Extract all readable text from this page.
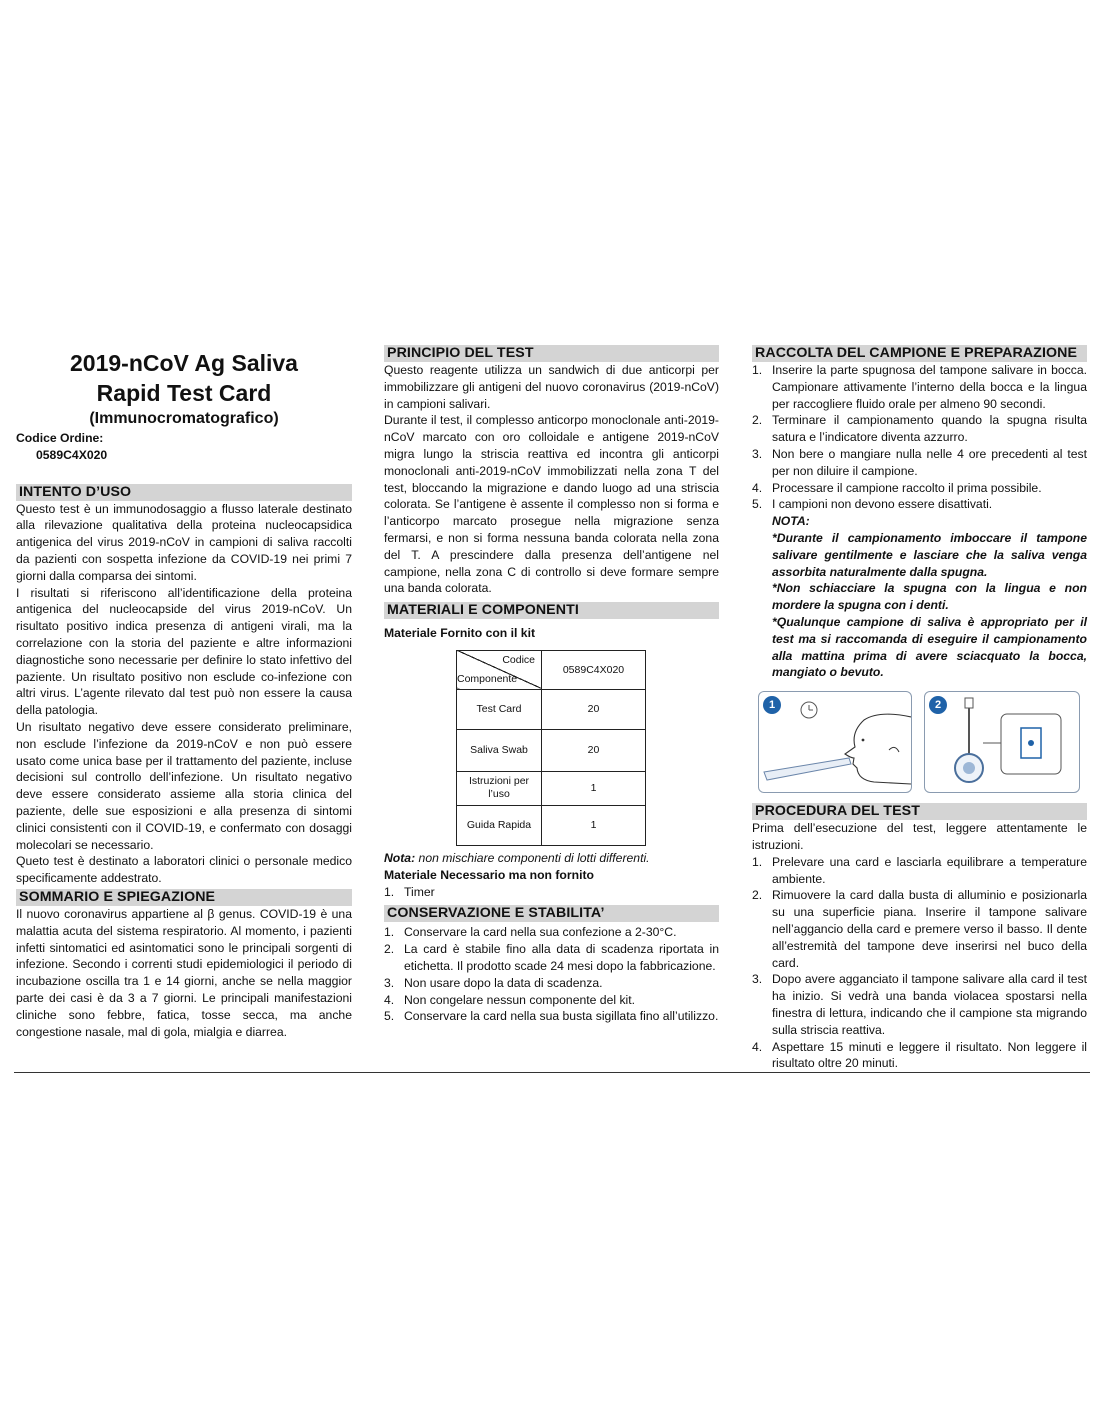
2019-nCoV Ag Saliva
Rapid Test Card
(Immunocromatografico)
Codice Ordine:
0589C4X020
INTENTO D’USO

Questo test è un immunodosaggio a flusso laterale destinato alla rilevazione qualitativa della proteina nucleocapsidica antigenica del virus 2019-nCoV in campioni di saliva raccolti da pazienti con sospetta infezione da COVID-19 nei primi 7 giorni dalla comparsa dei sintomi.

I risultati si riferiscono all’identificazione della proteina antigenica del nucleocapside del virus 2019-nCoV. Un risultato positivo indica presenza di antigeni virali, ma la correlazione con la storia del paziente e altre informazioni diagnostiche sono necessarie per definire lo stato infettivo del paziente. Un risultato positivo non esclude co-infezione con altri virus. L’agente rilevato dal test può non essere la causa della patologia.

Un risultato negativo deve essere considerato preliminare, non esclude l’infezione da 2019-nCoV e non può essere usato come unica base per il trattamento del paziente, incluse decisioni sul controllo dell’infezione. Un risultato negativo deve essere considerato assieme alla storia clinica del paziente, delle sue esposizioni e alla presenza di sintomi clinici consistenti con il COVID-19, e confermato con dosaggi molecolari se necessario.

Queto test è destinato a laboratori clinici o personale medico specificamente addestrato.

SOMMARIO E SPIEGAZIONE

Il nuovo coronavirus appartiene al β genus. COVID-19 è una malattia acuta del sistema respiratorio. Al momento, i pazienti infetti sintomatici ed asintomatici sono le principali sorgenti di infezione. Secondo i correnti studi epidemiologici il periodo di incubazione oscilla tra 1 e 14 giorni, anche se nella maggior parte dei casi è da 3 a 7 giorni. Le principali manifestazioni cliniche sono febbre, fatica, tosse secca, ma anche congestione nasale, mal di gola, mialgia e diarrea.

PRINCIPIO DEL TEST

Questo reagente utilizza un sandwich di due anticorpi per immobilizzare gli antigeni del nuovo coronavirus (2019-nCoV) in campioni salivari.

Durante il test, il complesso anticorpo monoclonale anti-2019-nCoV marcato con oro colloidale e antigene 2019-nCoV migra lungo la striscia reattiva ed incontra gli anticorpi monoclonali anti-2019-nCoV immobilizzati nella zona T del test, bloccando la migrazione e dando luogo ad una striscia colorata. Se l’antigene è assente il complesso non si forma e l’anticorpo marcato prosegue nella migrazione senza fermarsi, e non si forma nessuna banda colorata nella zona del T. A prescindere dalla presenza dell’antigene nel campione, nella zona C di controllo si deve formare sempre una banda colorata.

MATERIALI E COMPONENTI
Materiale Fornito con il kit
Codice
Componente	0589C4X020
Test Card	20
Saliva Swab	20
Istruzioni per l’uso	1
Guida Rapida	1

Nota: non mischiare componenti di lotti differenti.

Materiale Necessario ma non fornito
1. Timer
CONSERVAZIONE E STABILITA’
1. Conservare la card nella sua confezione a 2-30°C.
2. La card è stabile fino alla data di scadenza riportata in etichetta. Il prodotto scade 24 mesi dopo la fabbricazione.
3. Non usare dopo la data di scadenza.
4. Non congelare nessun componente del kit.
5. Conservare la card nella sua busta sigillata fino all’utilizzo.
RACCOLTA DEL CAMPIONE E PREPARAZIONE
1. Inserire la parte spugnosa del tampone salivare in bocca. Campionare attivamente l’interno della bocca e la lingua per raccogliere fluido orale per almeno 90 secondi.
2. Terminare il campionamento quando la spugna risulta satura e l’indicatore diventa azzurro.
3. Non bere o mangiare nulla nelle 4 ore precedenti al test per non diluire il campione.
4. Processare il campione raccolto il prima possibile.
5. I campioni non devono essere disattivati.
NOTA:
*Durante il campionamento imboccare il tampone salivare gentilmente e lasciare che la saliva venga assorbita naturalmente dalla spugna.
*Non schiacciare la spugna con la lingua e non mordere la spugna con i denti.
*Qualunque campione di saliva è appropriato per il test ma si raccomanda di eseguire il campionamento alla mattina prima di avere sciacquato la bocca, mangiato o bevuto.
1	2
PROCEDURA DEL TEST

Prima dell’esecuzione del test, leggere attentamente le istruzioni.

1. Prelevare una card e lasciarla equilibrare a temperature ambiente.
2. Rimuovere la card dalla busta di alluminio e posizionarla su una superficie piana. Inserire il tampone salivare nell’aggancio della card e premere verso il basso. Il dente all’estremità del tampone deve inserirsi nel buco della card.
3. Dopo avere agganciato il tampone salivare alla card il test ha inizio. Si vedrà una banda violacea spostarsi nella finestra di lettura, indicando che il campione sta migrando sulla striscia reattiva.
4. Aspettare 15 minuti e leggere il risultato. Non leggere il risultato oltre 20 minuti.
